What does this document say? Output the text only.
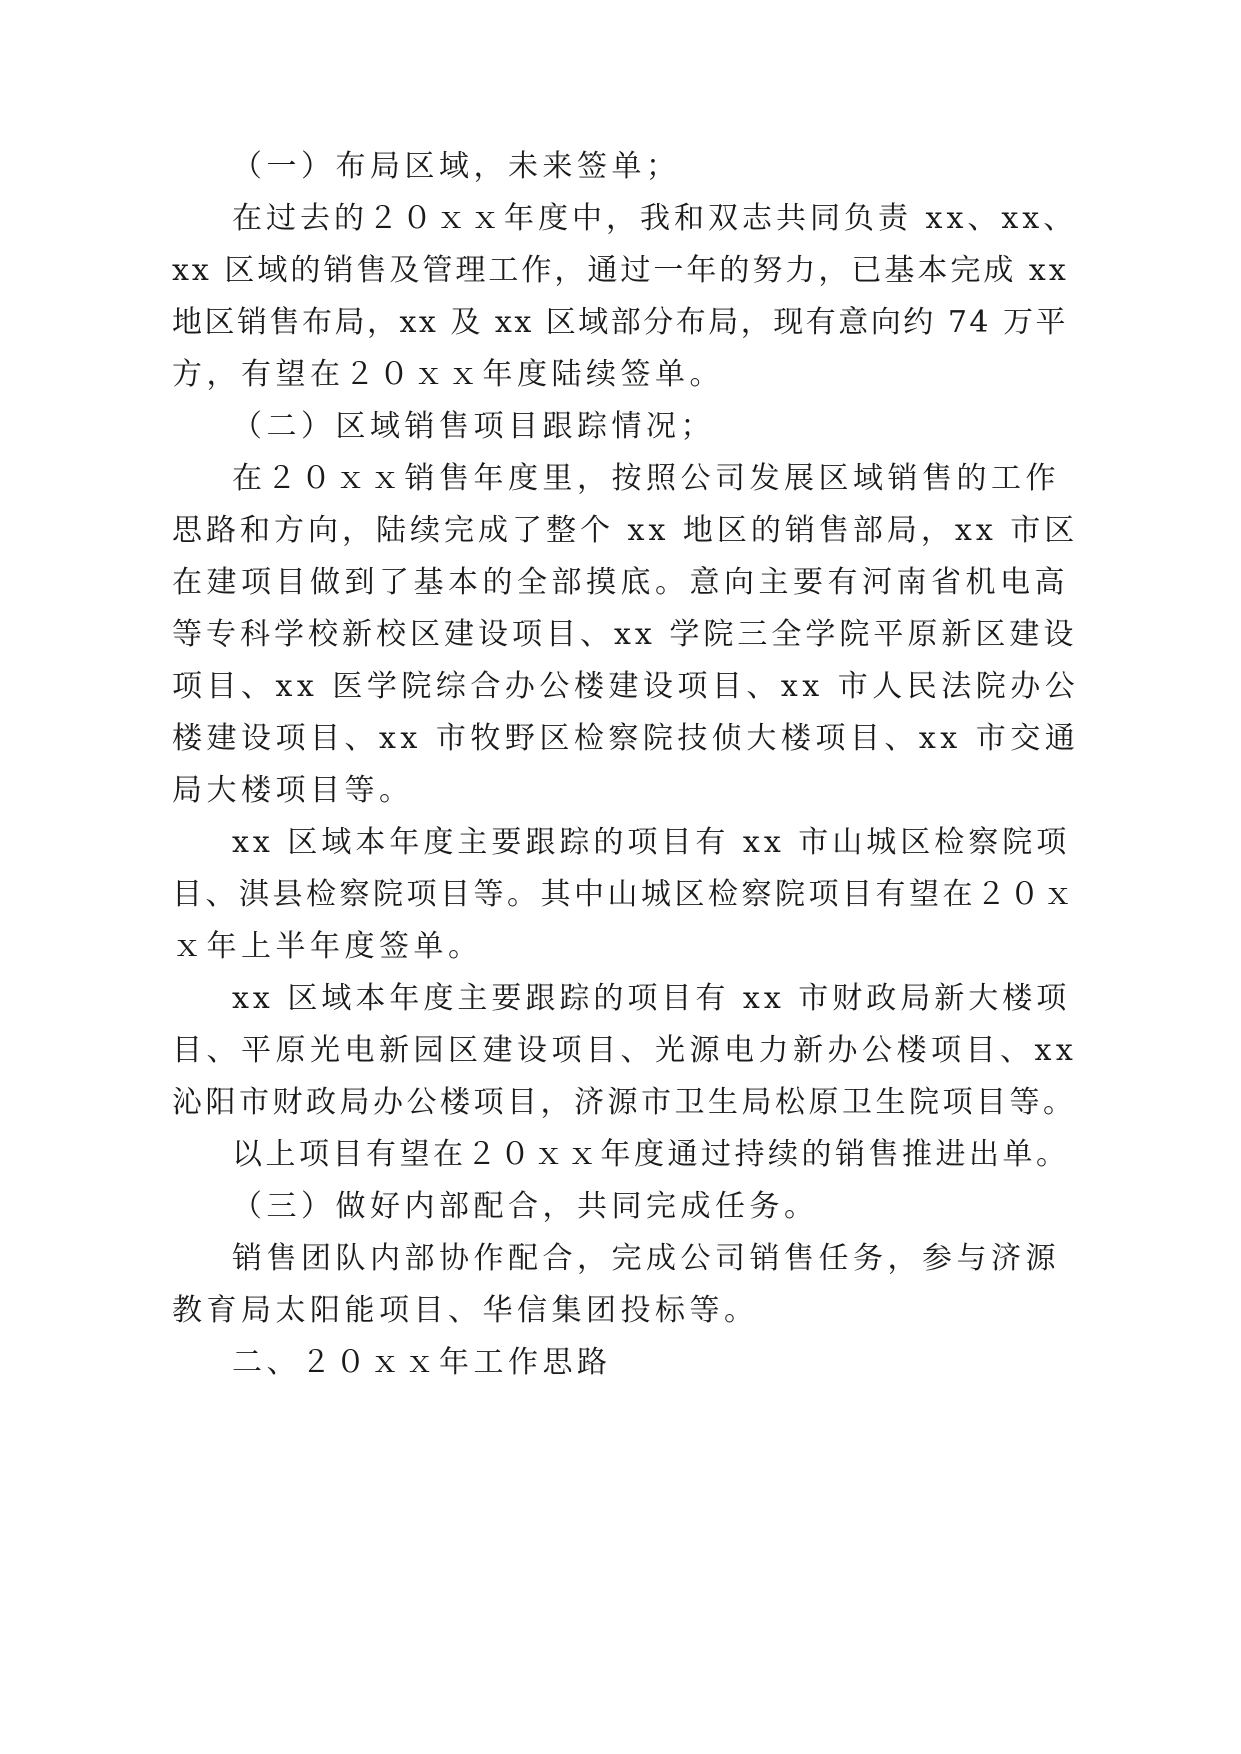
（一）布局区域，未来签单；
在过去的２０ｘｘ年度中，我和双志共同负责 xx、xx、
xx 区域的销售及管理工作，通过一年的努力，已基本完成 xx
地区销售布局，xx 及 xx 区域部分布局，现有意向约 74 万平
方，有望在２０ｘｘ年度陆续签单。
（二）区域销售项目跟踪情况；
在２０ｘｘ销售年度里，按照公司发展区域销售的工作
思路和方向，陆续完成了整个 xx 地区的销售部局，xx 市区
在建项目做到了基本的全部摸底。意向主要有河南省机电高
等专科学校新校区建设项目、xx 学院三全学院平原新区建设
项目、xx 医学院综合办公楼建设项目、xx 市人民法院办公
楼建设项目、xx 市牧野区检察院技侦大楼项目、xx 市交通
局大楼项目等。
xx 区域本年度主要跟踪的项目有 xx 市山城区检察院项
目、淇县检察院项目等。其中山城区检察院项目有望在２０ｘ
ｘ年上半年度签单。
xx 区域本年度主要跟踪的项目有 xx 市财政局新大楼项
目、平原光电新园区建设项目、光源电力新办公楼项目、xx
沁阳市财政局办公楼项目，济源市卫生局松原卫生院项目等。
以上项目有望在２０ｘｘ年度通过持续的销售推进出单。
（三）做好内部配合，共同完成任务。
销售团队内部协作配合，完成公司销售任务，参与济源
教育局太阳能项目、华信集团投标等。
二、２０ｘｘ年工作思路
